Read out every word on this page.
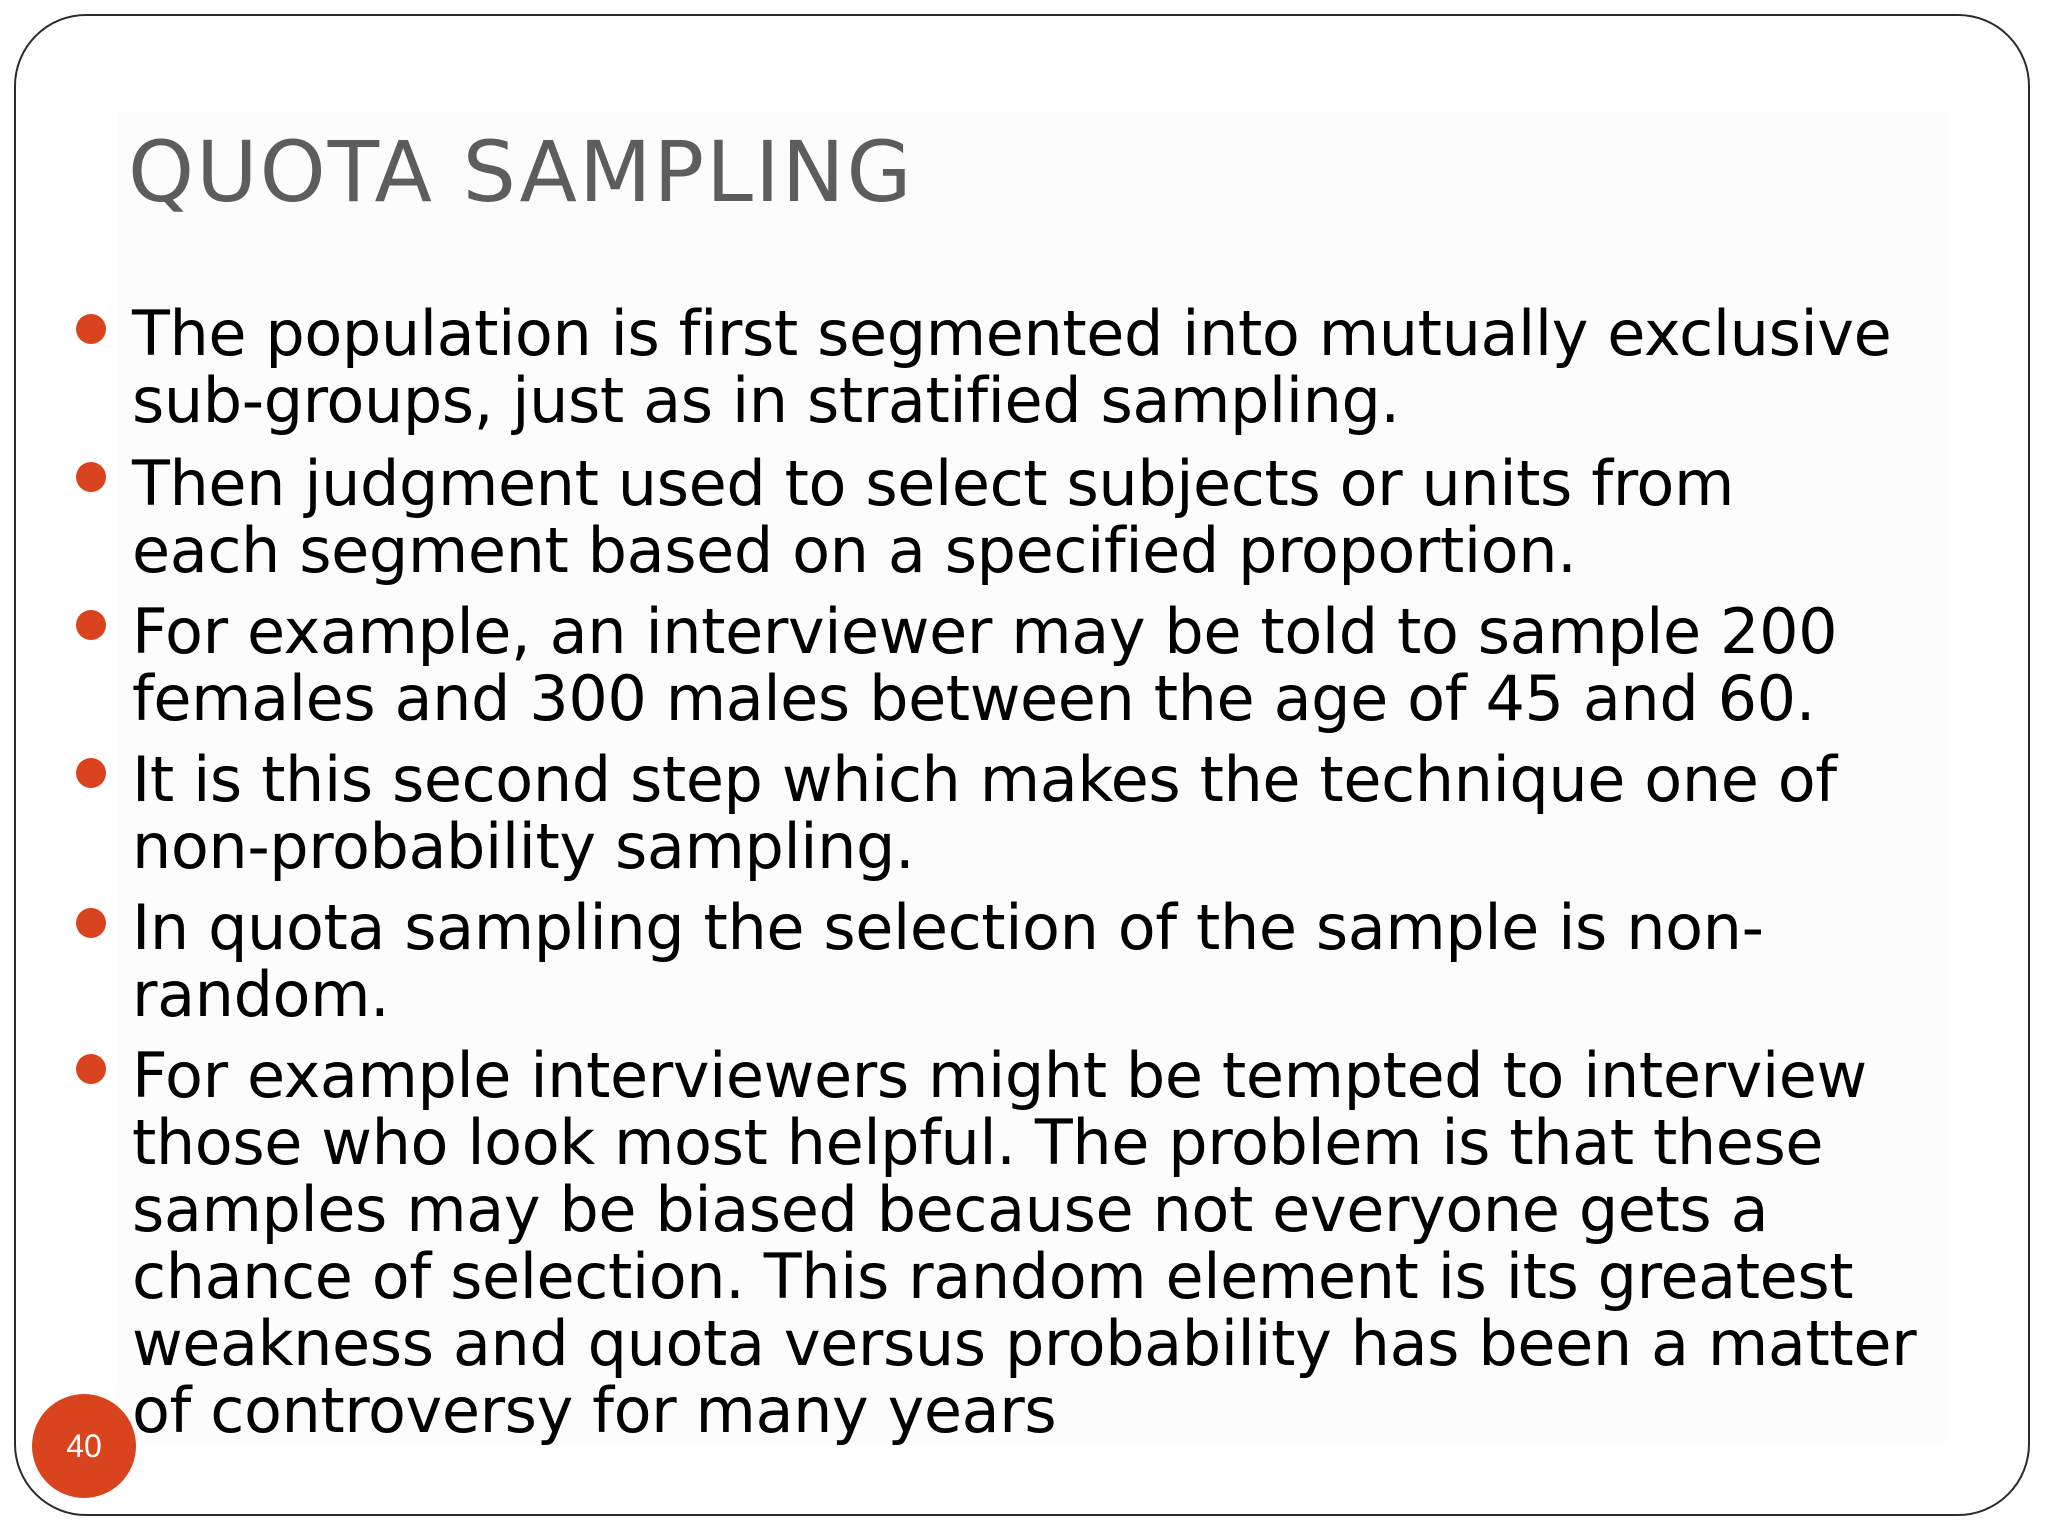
QUOTA SAMPLING
The population is first segmented into mutually exclusive
sub-groups, just as in stratified sampling.
Then judgment used to select subjects or units from
each segment based on a specified proportion.
For example, an interviewer may be told to sample 200
females and 300 males between the age of 45 and 60.
It is this second step which makes the technique one of
non-probability sampling.
In quota sampling the selection of the sample is non-
random.
For example interviewers might be tempted to interview
those who look most helpful. The problem is that these
samples may be biased because not everyone gets a
chance of selection. This random element is its greatest
weakness and quota versus probability has been a matter
of controversy for many years
40
